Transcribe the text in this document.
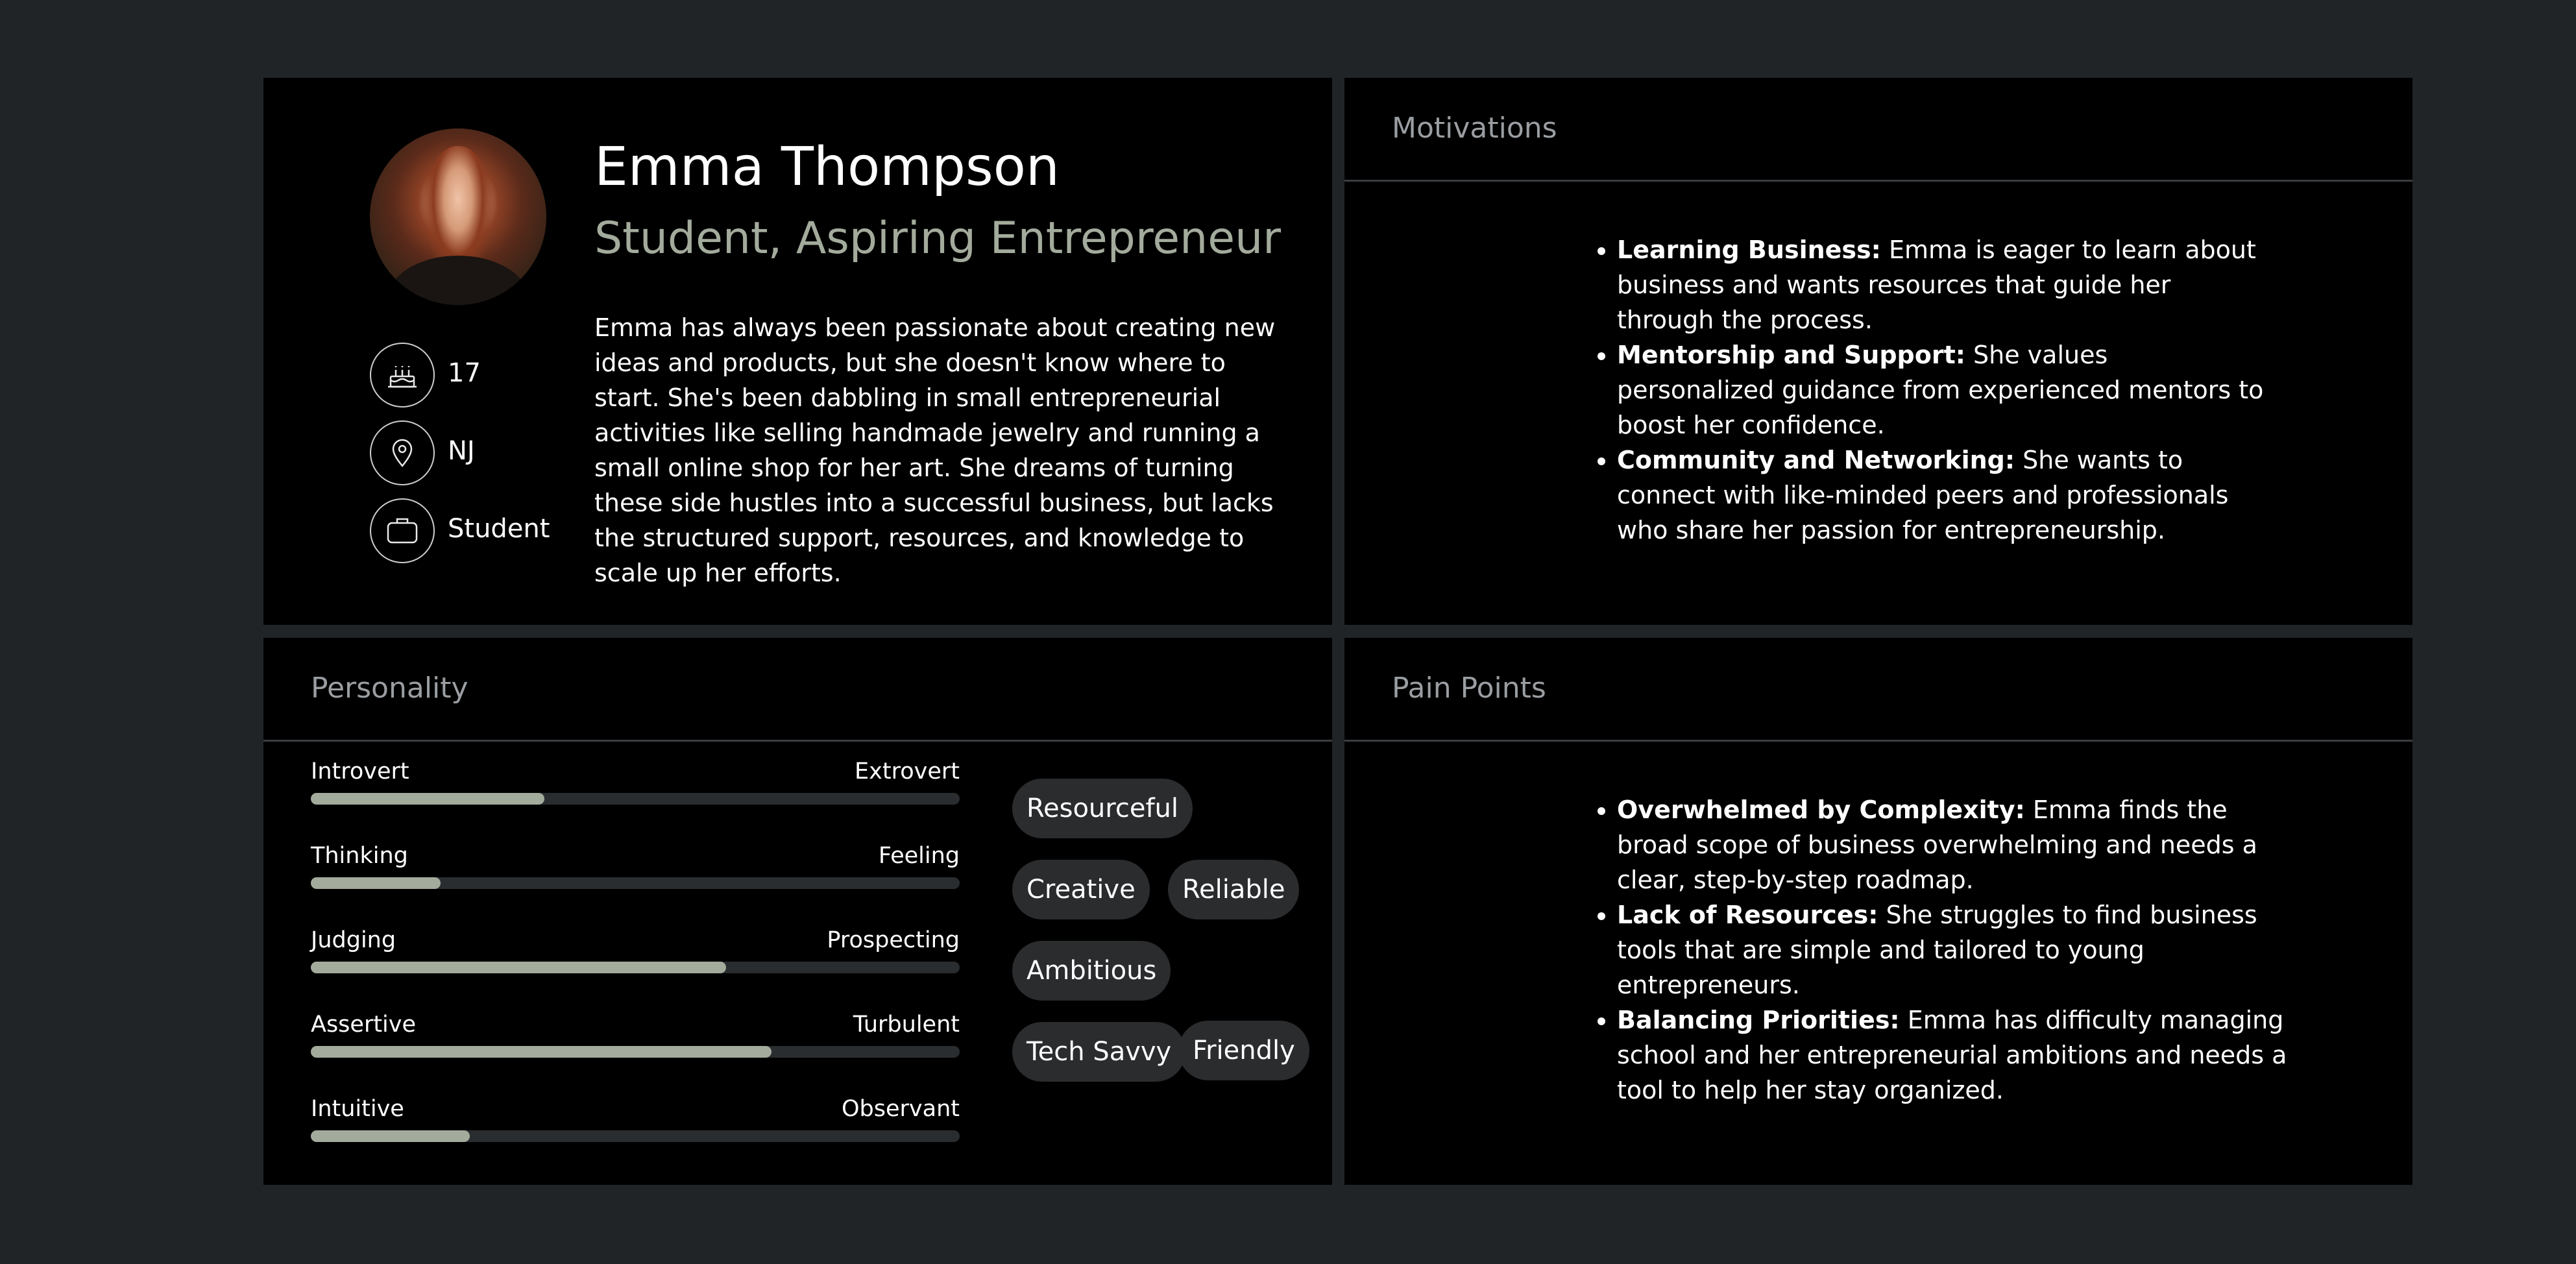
Emma Thompson
Student, Aspiring Entrepreneur
Emma has always been passionate about creating new ideas and products, but she doesn't know where to start. She's been dabbling in small entrepreneurial activities like selling handmade jewelry and running a small online shop for her art. She dreams of turning these side hustles into a successful business, but lacks the structured support, resources, and knowledge to scale up her efforts.
17
NJ
Student
Motivations
• Learning Business: Emma is eager to learn about business and wants resources that guide her through the process.
• Mentorship and Support: She values personalized guidance from experienced mentors to boost her confidence.
• Community and Networking: She wants to connect with like-minded peers and professionals who share her passion for entrepreneurship.
Personality
Introvert	Extrovert
Thinking	Feeling
Judging	Prospecting
Assertive	Turbulent
Intuitive	Observant
Resourceful
Creative	Reliable
Ambitious
Tech Savvy Friendly
Pain Points
• Overwhelmed by Complexity: Emma finds the broad scope of business overwhelming and needs a clear, step-by-step roadmap.
• Lack of Resources: She struggles to find business tools that are simple and tailored to young entrepreneurs.
• Balancing Priorities: Emma has difficulty managing school and her entrepreneurial ambitions and needs a tool to help her stay organized.
